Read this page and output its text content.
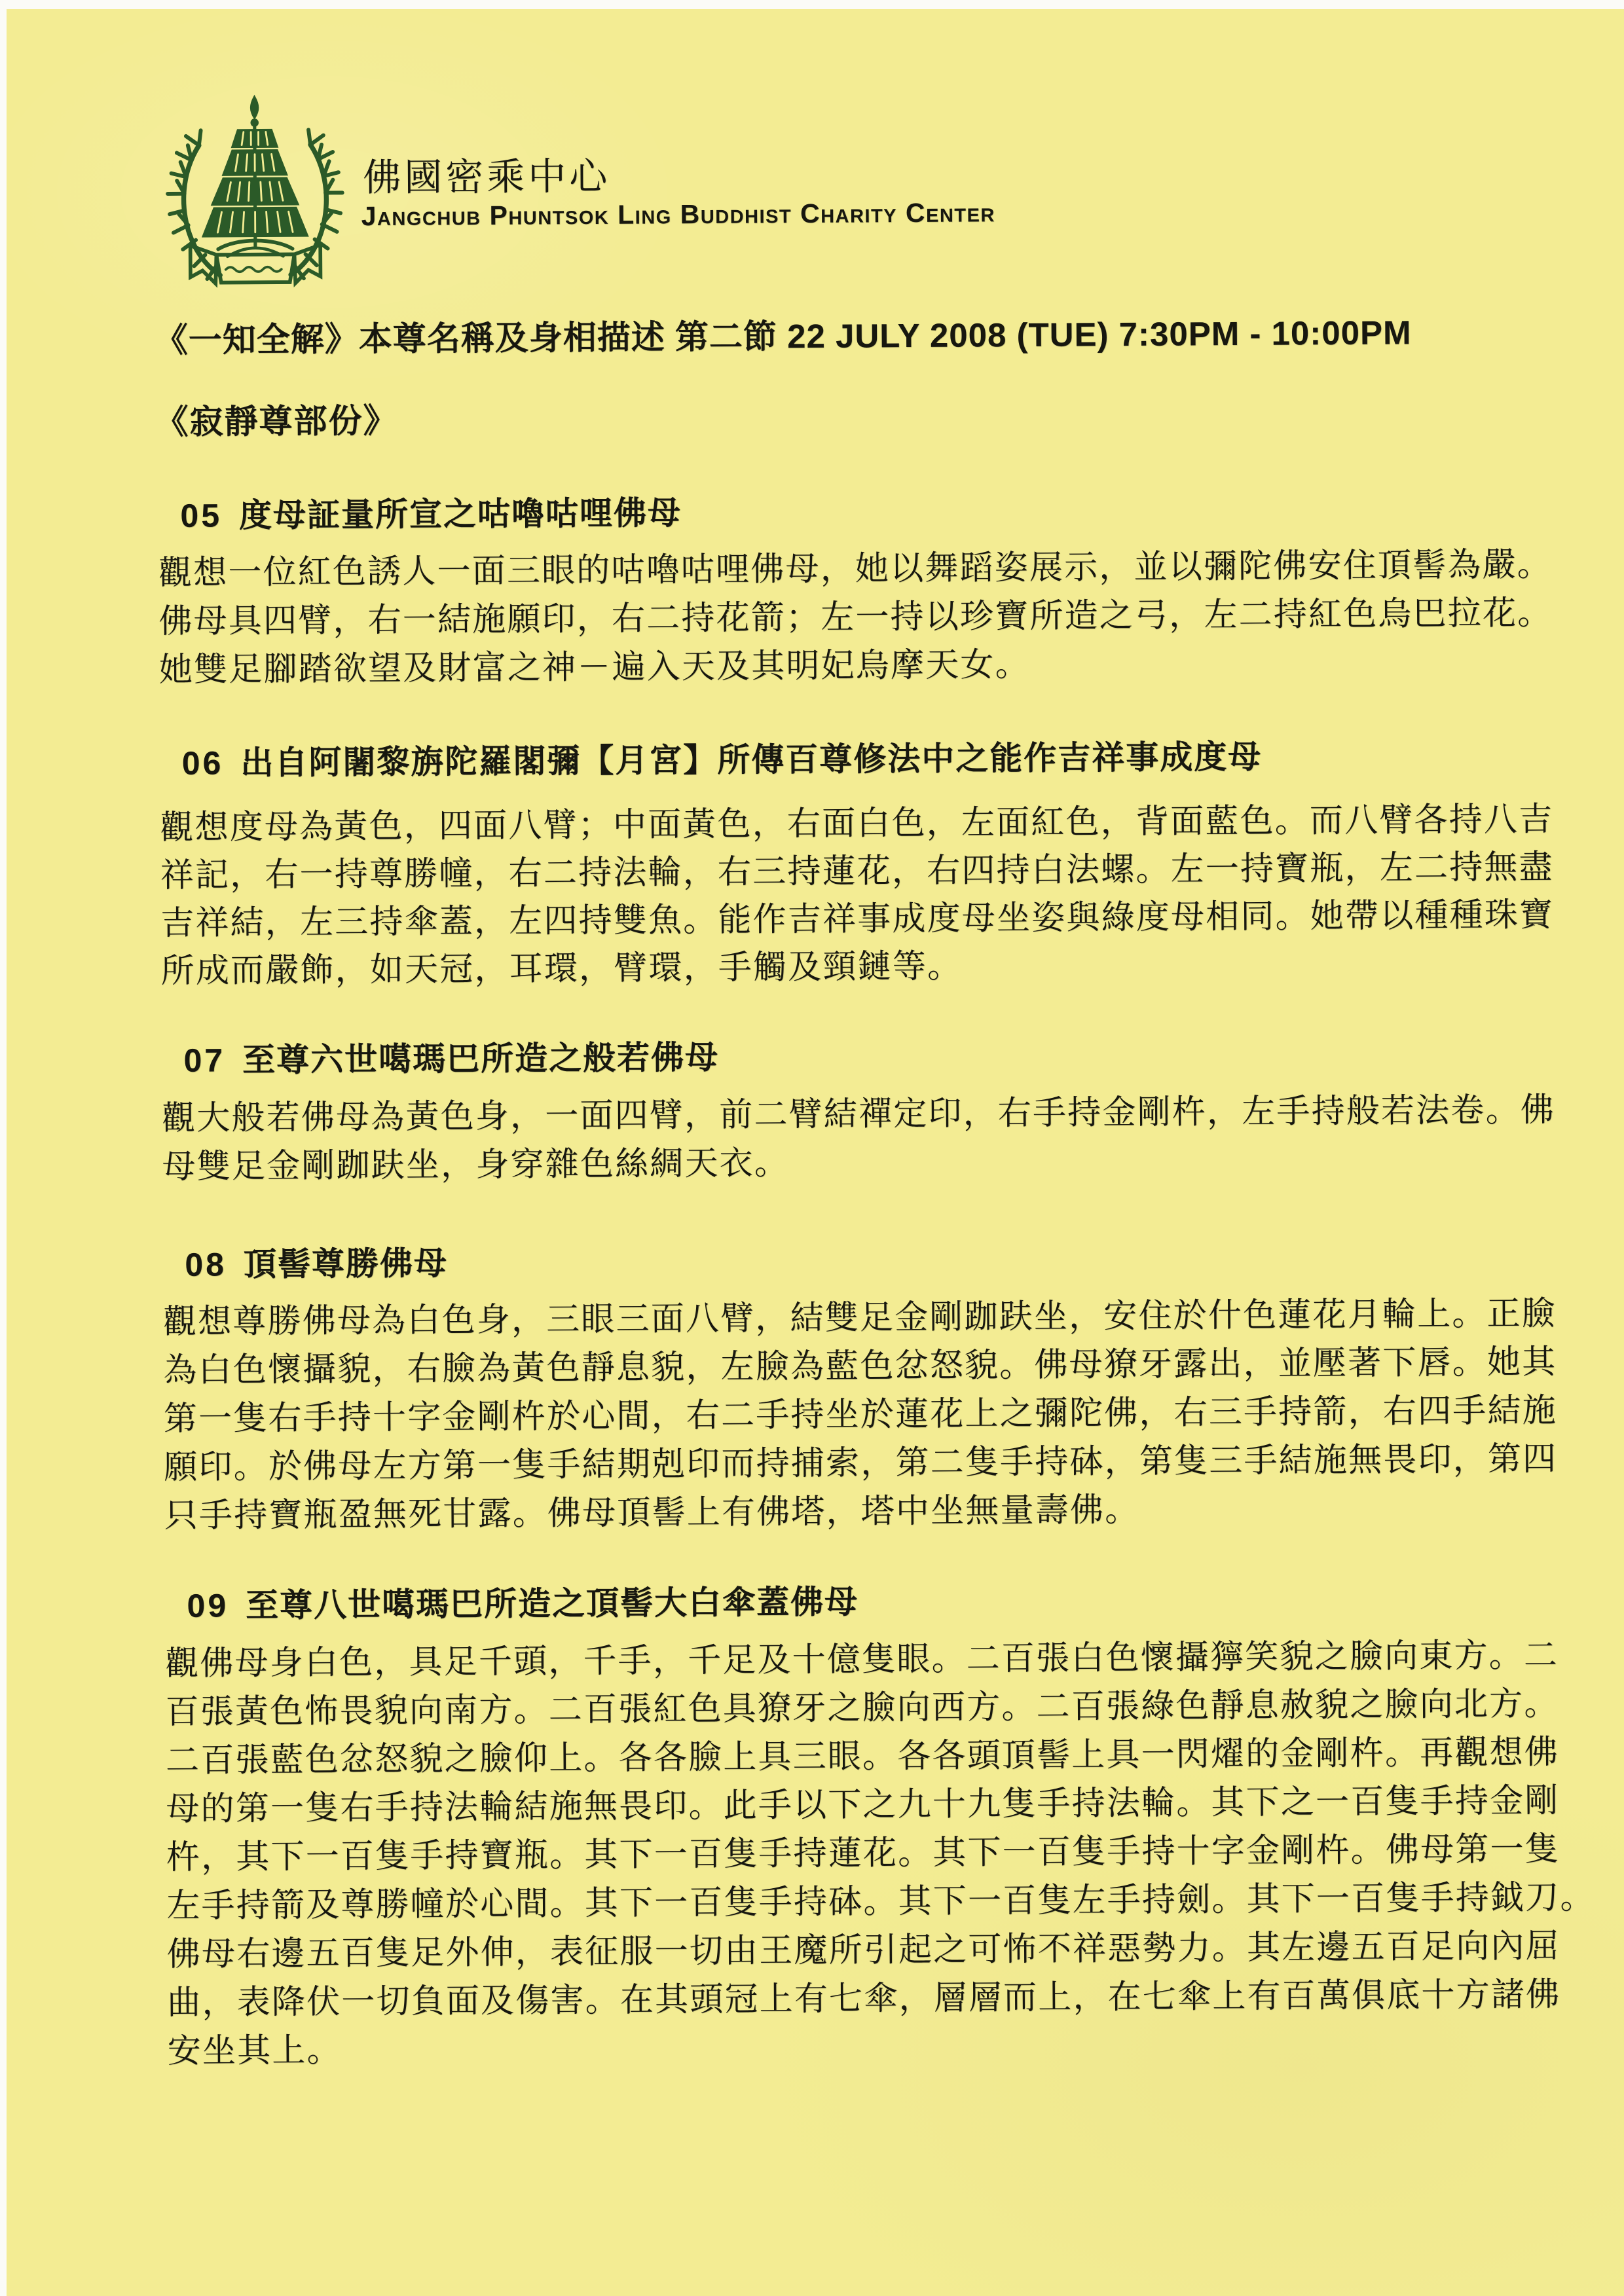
佛國密乘中心
Jangchub Phuntsok Ling Buddhist Charity Center
《一知全解》本尊名稱及身相描述 第二節 22 JULY 2008 (TUE) 7:30PM - 10:00PM
《寂靜尊部份》
05 度母証量所宣之咕嚕咕哩佛母
觀想一位紅色誘人一面三眼的咕嚕咕哩佛母，她以舞蹈姿展示，並以彌陀佛安住頂髻為嚴。
佛母具四臂，右一結施願印，右二持花箭；左一持以珍寶所造之弓，左二持紅色烏巴拉花。
她雙足腳踏欲望及財富之神－遍入天及其明妃烏摩天女。
06 出自阿闍黎旃陀羅閣彌【月宮】所傳百尊修法中之能作吉祥事成度母
觀想度母為黃色，四面八臂；中面黃色，右面白色，左面紅色，背面藍色。而八臂各持八吉
祥記，右一持尊勝幢，右二持法輪，右三持蓮花，右四持白法螺。左一持寶瓶，左二持無盡
吉祥結，左三持傘蓋，左四持雙魚。能作吉祥事成度母坐姿與綠度母相同。她帶以種種珠寶
所成而嚴飾，如天冠，耳環，臂環，手觸及頸鏈等。
07 至尊六世噶瑪巴所造之般若佛母
觀大般若佛母為黃色身，一面四臂，前二臂結禪定印，右手持金剛杵，左手持般若法卷。佛
母雙足金剛跏趺坐，身穿雜色絲綢天衣。
08 頂髻尊勝佛母
觀想尊勝佛母為白色身，三眼三面八臂，結雙足金剛跏趺坐，安住於什色蓮花月輪上。正臉
為白色懷攝貌，右臉為黃色靜息貌，左臉為藍色忿怒貌。佛母獠牙露出，並壓著下唇。她其
第一隻右手持十字金剛杵於心間，右二手持坐於蓮花上之彌陀佛，右三手持箭，右四手結施
願印。於佛母左方第一隻手結期剋印而持捕索，第二隻手持砵，第隻三手結施無畏印，第四
只手持寶瓶盈無死甘露。佛母頂髻上有佛塔，塔中坐無量壽佛。
09 至尊八世噶瑪巴所造之頂髻大白傘蓋佛母
觀佛母身白色，具足千頭，千手，千足及十億隻眼。二百張白色懷攝獰笑貌之臉向東方。二
百張黃色怖畏貌向南方。二百張紅色具獠牙之臉向西方。二百張綠色靜息赦貌之臉向北方。
二百張藍色忿怒貌之臉仰上。各各臉上具三眼。各各頭頂髻上具一閃燿的金剛杵。再觀想佛
母的第一隻右手持法輪結施無畏印。此手以下之九十九隻手持法輪。其下之一百隻手持金剛
杵，其下一百隻手持寶瓶。其下一百隻手持蓮花。其下一百隻手持十字金剛杵。佛母第一隻
左手持箭及尊勝幢於心間。其下一百隻手持砵。其下一百隻左手持劍。其下一百隻手持鉞刀。
佛母右邊五百隻足外伸，表征服一切由王魔所引起之可怖不祥惡勢力。其左邊五百足向內屈
曲，表降伏一切負面及傷害。在其頭冠上有七傘，層層而上，在七傘上有百萬俱底十方諸佛
安坐其上。
